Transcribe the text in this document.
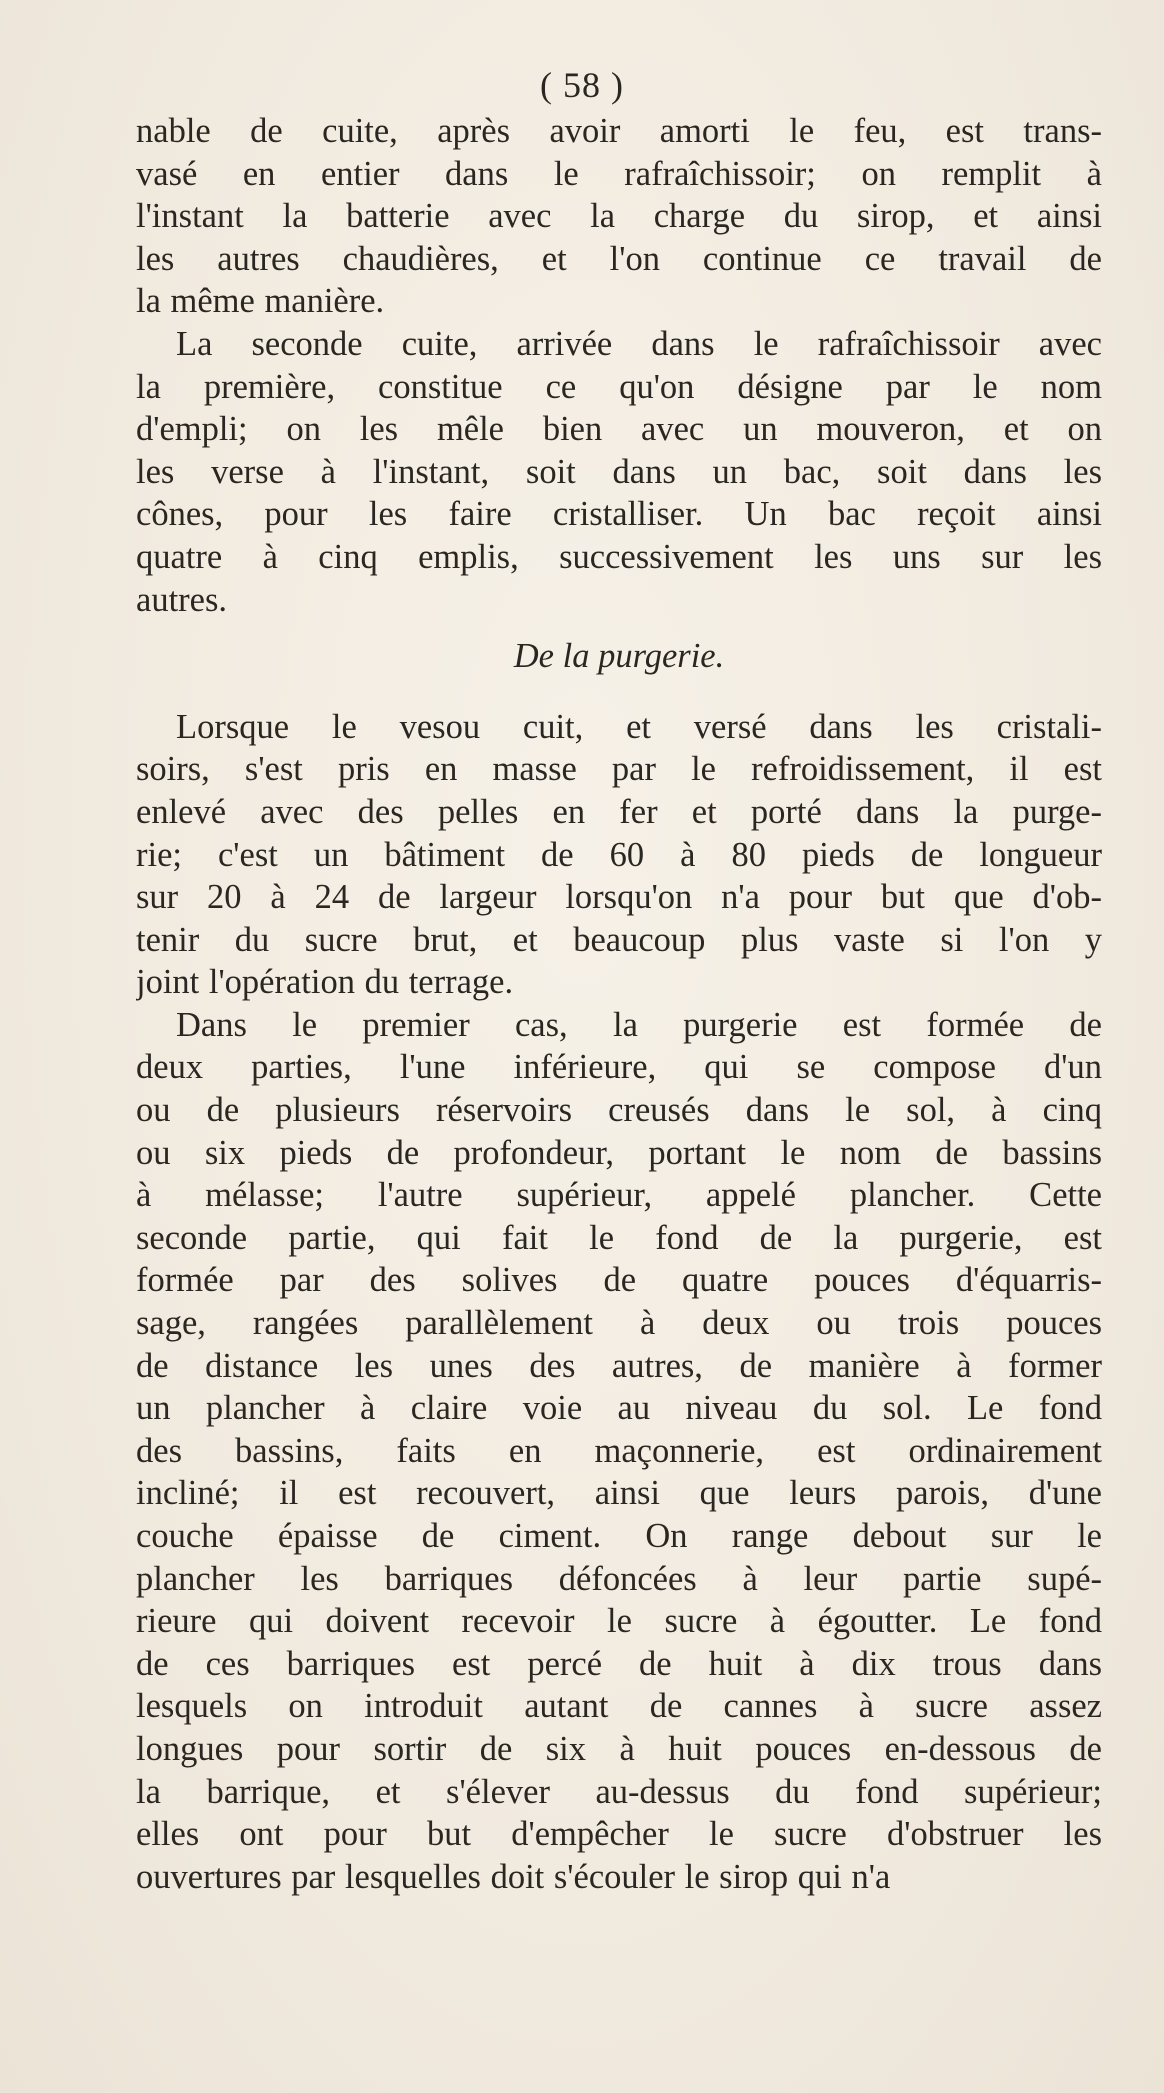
( 58 )
nable de cuite, après avoir amorti le feu, est trans-
vasé en entier dans le rafraîchissoir; on remplit à
l'instant la batterie avec la charge du sirop, et ainsi
les autres chaudières, et l'on continue ce travail de
la même manière.
La seconde cuite, arrivée dans le rafraîchissoir avec
la première, constitue ce qu'on désigne par le nom
d'empli; on les mêle bien avec un mouveron, et on
les verse à l'instant, soit dans un bac, soit dans les
cônes, pour les faire cristalliser. Un bac reçoit ainsi
quatre à cinq emplis, successivement les uns sur les
autres.
De la purgerie.
Lorsque le vesou cuit, et versé dans les cristali-
soirs, s'est pris en masse par le refroidissement, il est
enlevé avec des pelles en fer et porté dans la purge-
rie; c'est un bâtiment de 60 à 80 pieds de longueur
sur 20 à 24 de largeur lorsqu'on n'a pour but que d'ob-
tenir du sucre brut, et beaucoup plus vaste si l'on y
joint l'opération du terrage.
Dans le premier cas, la purgerie est formée de
deux parties, l'une inférieure, qui se compose d'un
ou de plusieurs réservoirs creusés dans le sol, à cinq
ou six pieds de profondeur, portant le nom de bassins
à mélasse; l'autre supérieur, appelé plancher. Cette
seconde partie, qui fait le fond de la purgerie, est
formée par des solives de quatre pouces d'équarris-
sage, rangées parallèlement à deux ou trois pouces
de distance les unes des autres, de manière à former
un plancher à claire voie au niveau du sol. Le fond
des bassins, faits en maçonnerie, est ordinairement
incliné; il est recouvert, ainsi que leurs parois, d'une
couche épaisse de ciment. On range debout sur le
plancher les barriques défoncées à leur partie supé-
rieure qui doivent recevoir le sucre à égoutter. Le fond
de ces barriques est percé de huit à dix trous dans
lesquels on introduit autant de cannes à sucre assez
longues pour sortir de six à huit pouces en-dessous de
la barrique, et s'élever au-dessus du fond supérieur;
elles ont pour but d'empêcher le sucre d'obstruer les
ouvertures par lesquelles doit s'écouler le sirop qui n'a
